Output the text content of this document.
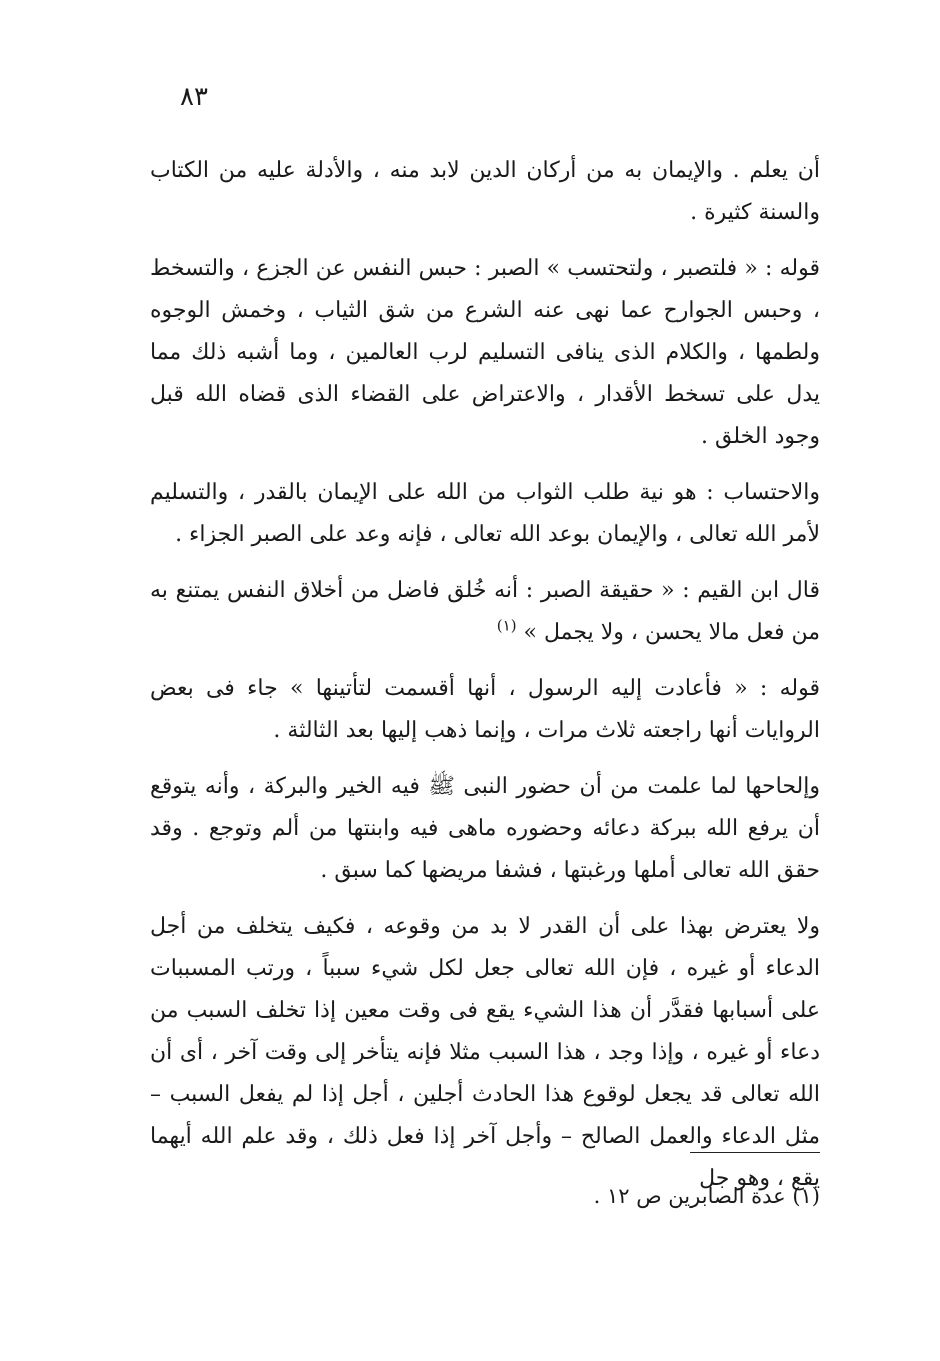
٨٣

أن يعلم . والإيمان به من أركان الدين لابد منه ، والأدلة عليه من الكتاب والسنة كثيرة .

قوله : « فلتصبر ، ولتحتسب » الصبر : حبس النفس عن الجزع ، والتسخط ، وحبس الجوارح عما نهى عنه الشرع من شق الثياب ، وخمش الوجوه ولطمها ، والكلام الذى ينافى التسليم لرب العالمين ، وما أشبه ذلك مما يدل على تسخط الأقدار ، والاعتراض على القضاء الذى قضاه الله قبل وجود الخلق .

والاحتساب : هو نية طلب الثواب من الله على الإيمان بالقدر ، والتسليم لأمر الله تعالى ، والإيمان بوعد الله تعالى ، فإنه وعد على الصبر الجزاء .

قال ابن القيم : « حقيقة الصبر : أنه خُلق فاضل من أخلاق النفس يمتنع به من فعل مالا يحسن ، ولا يجمل » $^{(١)}$

قوله : « فأعادت إليه الرسول ، أنها أقسمت لتأتينها » جاء فى بعض الروايات أنها راجعته ثلاث مرات ، وإنما ذهب إليها بعد الثالثة .

وإلحاحها لما علمت من أن حضور النبى ﷺ فيه الخير والبركة ، وأنه يتوقع أن يرفع الله ببركة دعائه وحضوره ماهى فيه وابنتها من ألم وتوجع . وقد حقق الله تعالى أملها ورغبتها ، فشفا مريضها كما سبق .

ولا يعترض بهذا على أن القدر لا بد من وقوعه ، فكيف يتخلف من أجل الدعاء أو غيره ، فإن الله تعالى جعل لكل شيء سبباً ، ورتب المسببات على أسبابها فقدَّر أن هذا الشيء يقع فى وقت معين إذا تخلف السبب من دعاء أو غيره ، وإذا وجد ، هذا السبب مثلا فإنه يتأخر إلى وقت آخر ، أى أن الله تعالى قد يجعل لوقوع هذا الحادث أجلين ، أجل إذا لم يفعل السبب – مثل الدعاء والعمل الصالح – وأجل آخر إذا فعل ذلك ، وقد علم الله أيهما يقع ، وهو جل

(١) عدة الصابرين ص ١٢ .
